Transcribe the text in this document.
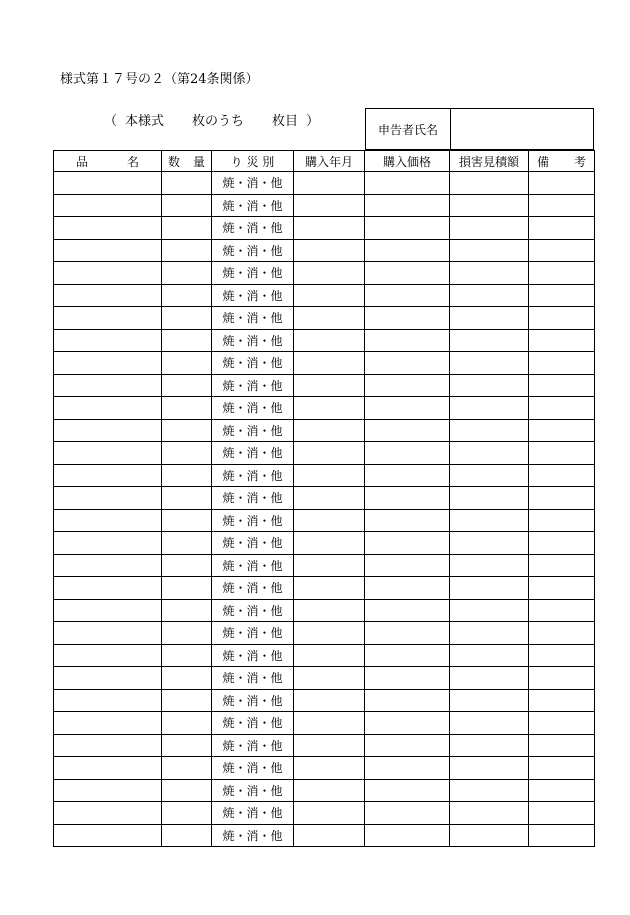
様式第１７号の２（第24条関係）
（ 本様式 枚のうち 枚目 ）
申告者氏名	
品 名	数 量	り 災 別	購入年月	購入価格	損害見積額	備 考

		焼・消・他				
		焼・消・他				
		焼・消・他				
		焼・消・他				
		焼・消・他				
		焼・消・他				
		焼・消・他				
		焼・消・他				
		焼・消・他				
		焼・消・他				
		焼・消・他				
		焼・消・他				
		焼・消・他				
		焼・消・他				
		焼・消・他				
		焼・消・他				
		焼・消・他				
		焼・消・他				
		焼・消・他				
		焼・消・他				
		焼・消・他				
		焼・消・他				
		焼・消・他				
		焼・消・他				
		焼・消・他				
		焼・消・他				
		焼・消・他				
		焼・消・他				
		焼・消・他				
		焼・消・他				
